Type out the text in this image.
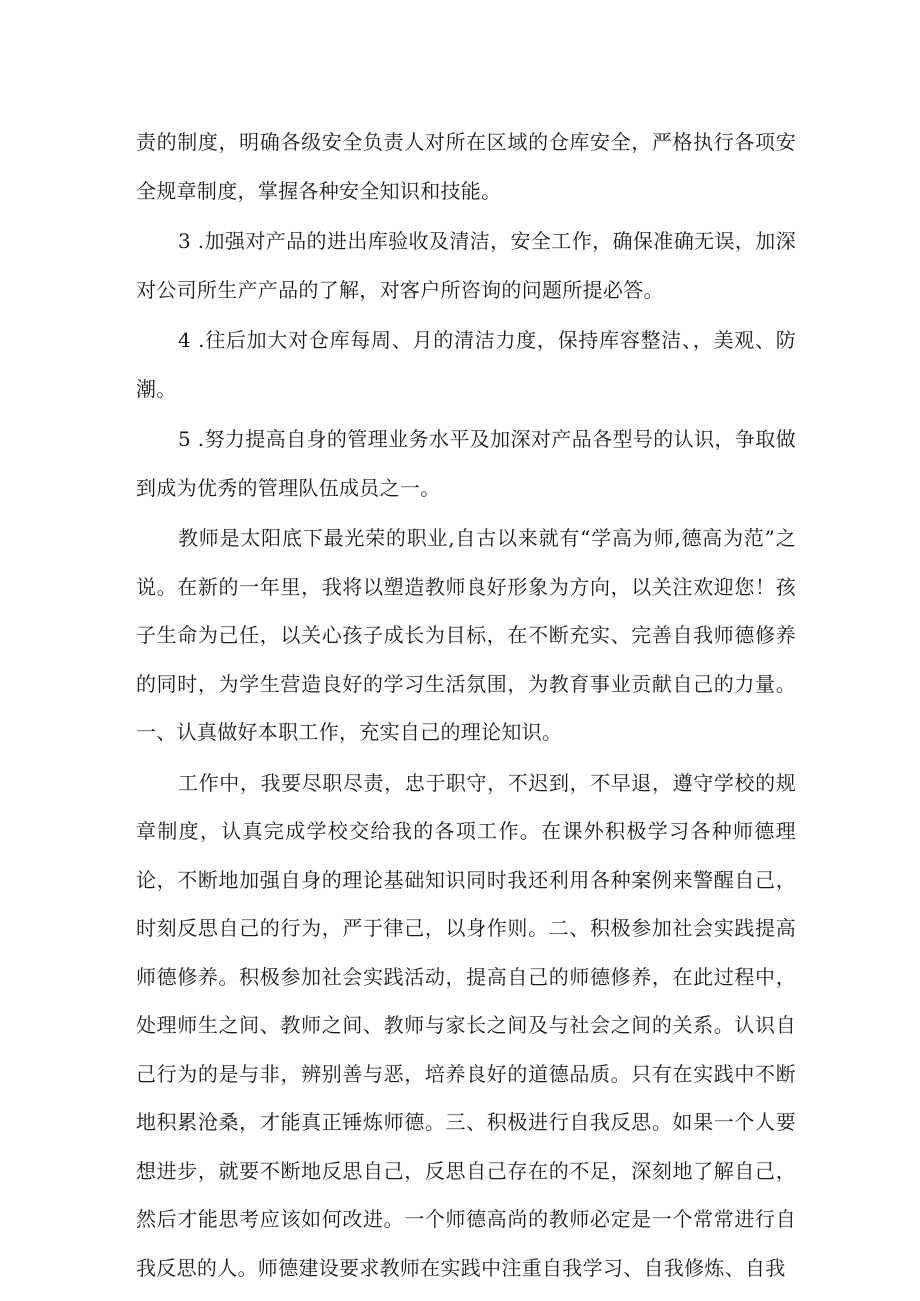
责的制度，明确各级安全负责人对所在区域的仓库安全，严格执行各项安全规章制度，掌握各种安全知识和技能。

3 .加强对产品的进出库验收及清洁，安全工作，确保准确无误，加深对公司所生产产品的了解，对客户所咨询的问题所提必答。

4 .往后加大对仓库每周、月的清洁力度，保持库容整洁、，美观、防潮。

5 .努力提高自身的管理业务水平及加深对产品各型号的认识，争取做到成为优秀的管理队伍成员之一。

教师是太阳底下最光荣的职业,自古以来就有“学高为师,德高为范”之说。在新的一年里，我将以塑造教师良好形象为方向，以关注欢迎您！孩子生命为己任，以关心孩子成长为目标，在不断充实、完善自我师德修养的同时，为学生营造良好的学习生活氛围，为教育事业贡献自己的力量。一、认真做好本职工作，充实自己的理论知识。

工作中，我要尽职尽责，忠于职守，不迟到，不早退，遵守学校的规章制度，认真完成学校交给我的各项工作。在课外积极学习各种师德理论，不断地加强自身的理论基础知识同时我还利用各种案例来警醒自己，时刻反思自己的行为，严于律己，以身作则。二、积极参加社会实践提高师德修养。积极参加社会实践活动，提高自己的师德修养，在此过程中，处理师生之间、教师之间、教师与家长之间及与社会之间的关系。认识自己行为的是与非，辨别善与恶，培养良好的道德品质。只有在实践中不断地积累沧桑，才能真正锤炼师德。三、积极进行自我反思。如果一个人要想进步，就要不断地反思自己，反思自己存在的不足，深刻地了解自己，然后才能思考应该如何改进。一个师德高尚的教师必定是一个常常进行自我反思的人。师德建设要求教师在实践中注重自我学习、自我修炼、自我
